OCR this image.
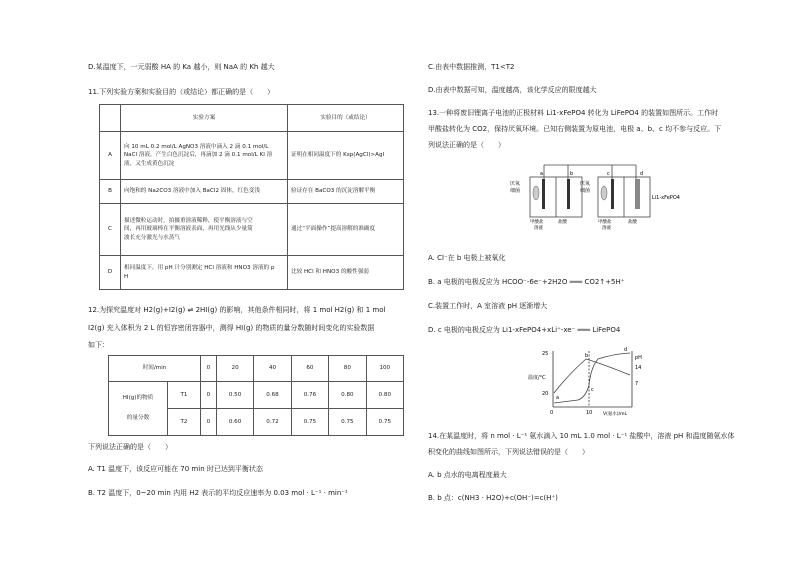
D.某温度下，一元弱酸 HA 的 Ka 越小，则 NaA 的 Kh 越大
11.下列实验方案和实验目的（或结论）都正确的是（　　）
	实验方案	实验目的（或结论）
A	向 10 mL 0.2 mol/L AgNO3 溶液中滴入 2 滴 0.1 mol/L
NaCl 溶液，产生白色沉淀后，再滴加 2 滴 0.1 mol/L KI 溶
液，又生成黄色沉淀	证明在相同温度下的 Ksp(AgCl)>AgI
B	向饱和的 Na2CO3 溶液中加入 BaCl2 固体，红色变浅	验证存在 BaCO3 的沉淀溶解平衡
C	描述微粒运动时，拍摄重溶液稀释，使平衡溶液与空
间，再用玻璃棒在平衡溶液表面，再用光线从少量简
波长充分激光与水蒸气	通过“平面操作”提高溶解的准确度
D	相同温度下，用 pH 计分别测定 HCl 溶液和 HNO3 溶液的 p
H	比较 HCl 和 HNO3 的酸性强弱
12.为探究温度对 H2(g)+I2(g) ⇌ 2HI(g) 的影响，其他条件相同时，将 1 mol H2(g) 和 1 mol
I2(g) 充入体积为 2 L 的恒容密闭容器中，测得 HI(g) 的物质的量分数随时间变化的实验数据
如下：
时间/min		0	20	40	60	80	100

HI(g)的物质
的量分数	T1	0	0.50	0.68	0.76	0.80	0.80
	T2	0	0.60	0.72	0.75	0.75	0.75
下列说法正确的是（　　）
A. T1 温度下，该反应可能在 70 min 时已达到平衡状态
B. T2 温度下，0~20 min 内用 H2 表示的平均反应速率为 0.03 mol · L⁻¹ · min⁻¹
C.由表中数据推测，T1<T2
D.由表中数据可知，温度越高，该化学反应的限度越大
13.一种将废旧锂离子电池的正极材料 Li1-xFePO4 转化为 LiFePO4 的装置如图所示。工作时
甲酸盐转化为 CO2，保持厌氧环境。已知右侧装置为原电池，电极 a、b、c 均不参与反应。下
列说法正确的是（　　）
厌氧
细菌
厌氧
细菌
Li1-xFePO4
a	b	c	d
甲酸盐
溶液
盐酸	甲酸盐
溶液
盐酸
A. Cl⁻在 b 电极上被氧化
B. a 电极的电极反应为 HCOO⁻-6e⁻+2H2O ═══ CO2↑+5H⁺
C.装置工作时，A 室溶液 pH 逐渐增大
D. c 电极的电极反应为 Li1-xFePO4+xLi⁺-xe⁻ ═══ LiFePO4
25
20
温度/°C
pH
14
7
0	10 V(氨水)/mL
a
b
c
d
14.在某温度时，将 n mol · L⁻¹ 氨水滴入 10 mL 1.0 mol · L⁻¹ 盐酸中，溶液 pH 和温度随氨水体
积变化的曲线如图所示，下列说法错误的是（　　）
A. b 点水的电离程度最大
B. b 点：c(NH3 · H2O)+c(OH⁻)=c(H⁺)
